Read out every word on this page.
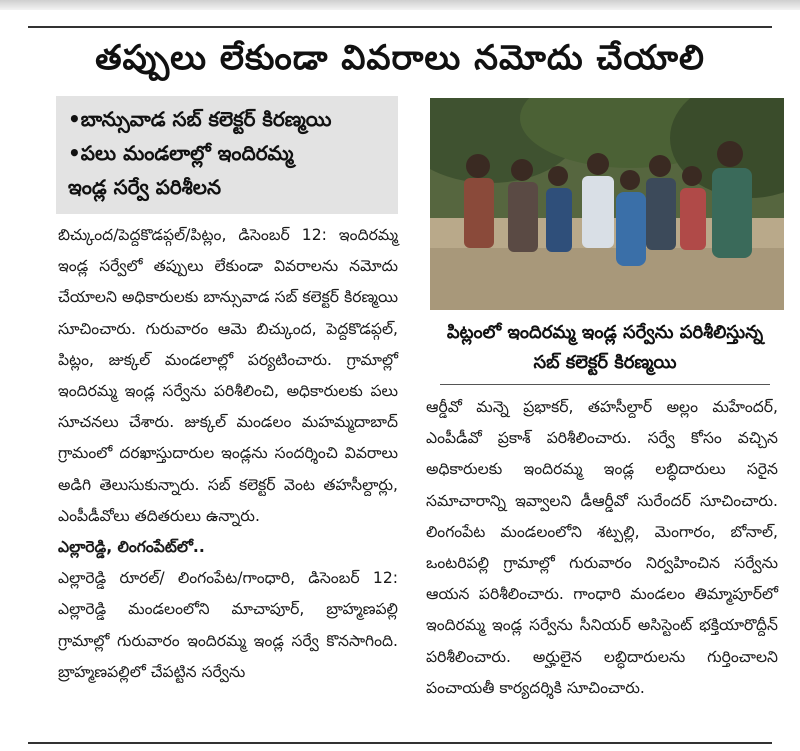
తప్పులు లేకుండా వివరాలు నమోదు చేయాలి
•బాన్సువాడ సబ్ కలెక్టర్ కిరణ్మయి
•పలు మండలాల్లో ఇందిరమ్మ
ఇండ్ల సర్వే పరిశీలన

బిచ్కుంద/పెద్దకొడప్గల్/పిట్లం, డిసెంబర్ 12: ఇందిరమ్మ ఇండ్ల సర్వేలో తప్పులు లేకుండా వివరాలను నమోదు చేయాలని అధికారులకు బాన్సువాడ సబ్ కలెక్టర్ కిరణ్మయి సూచించారు. గురువారం ఆమె బిచ్కుంద, పెద్దకొడప్గల్, పిట్లం, జుక్కల్ మండలాల్లో పర్యటించారు. గ్రామాల్లో ఇందిరమ్మ ఇండ్ల సర్వేను పరిశీలించి, అధికారులకు పలు సూచనలు చేశారు. జుక్కల్ మండలం మహమ్మదాబాద్ గ్రామంలో దరఖాస్తుదారుల ఇండ్లను సందర్శించి వివరాలు అడిగి తెలుసుకున్నారు. సబ్ కలెక్టర్ వెంట తహసీల్దార్లు, ఎంపీడీవోలు తదితరులు ఉన్నారు.

ఎల్లారెడ్డి, లింగంపేట్‌లో..

ఎల్లారెడ్డి రూరల్/ లింగంపేట/గాంధారి, డిసెంబర్ 12: ఎల్లారెడ్డి మండలంలోని మాచాపూర్, బ్రాహ్మణపల్లి గ్రామాల్లో గురువారం ఇందిరమ్మ ఇండ్ల సర్వే కొనసాగింది. బ్రాహ్మణపల్లిలో చేపట్టిన సర్వేను

పిట్లంలో ఇందిరమ్మ ఇండ్ల సర్వేను పరిశీలిస్తున్న
సబ్ కలెక్టర్ కిరణ్మయి

ఆర్డీవో మన్నె ప్రభాకర్, తహసీల్దార్ అల్లం మహేందర్, ఎంపీడీవో ప్రకాశ్ పరిశీలించారు. సర్వే కోసం వచ్చిన అధికారులకు ఇందిరమ్మ ఇండ్ల లబ్ధిదారులు సరైన సమాచారాన్ని ఇవ్వాలని డీఆర్డీవో సురేందర్ సూచించారు. లింగంపేట మండలంలోని శట్పల్లి, మెంగారం, బోనాల్, ఒంటరిపల్లి గ్రామాల్లో గురువారం నిర్వహించిన సర్వేను ఆయన పరిశీలించారు. గాంధారి మండలం తిమ్మాపూర్‌లో ఇందిరమ్మ ఇండ్ల సర్వేను సీనియర్ అసిస్టెంట్ భక్తియారొద్దీన్ పరిశీలించారు. అర్హులైన లబ్ధిదారులను గుర్తించాలని పంచాయతీ కార్యదర్శికి సూచించారు.
